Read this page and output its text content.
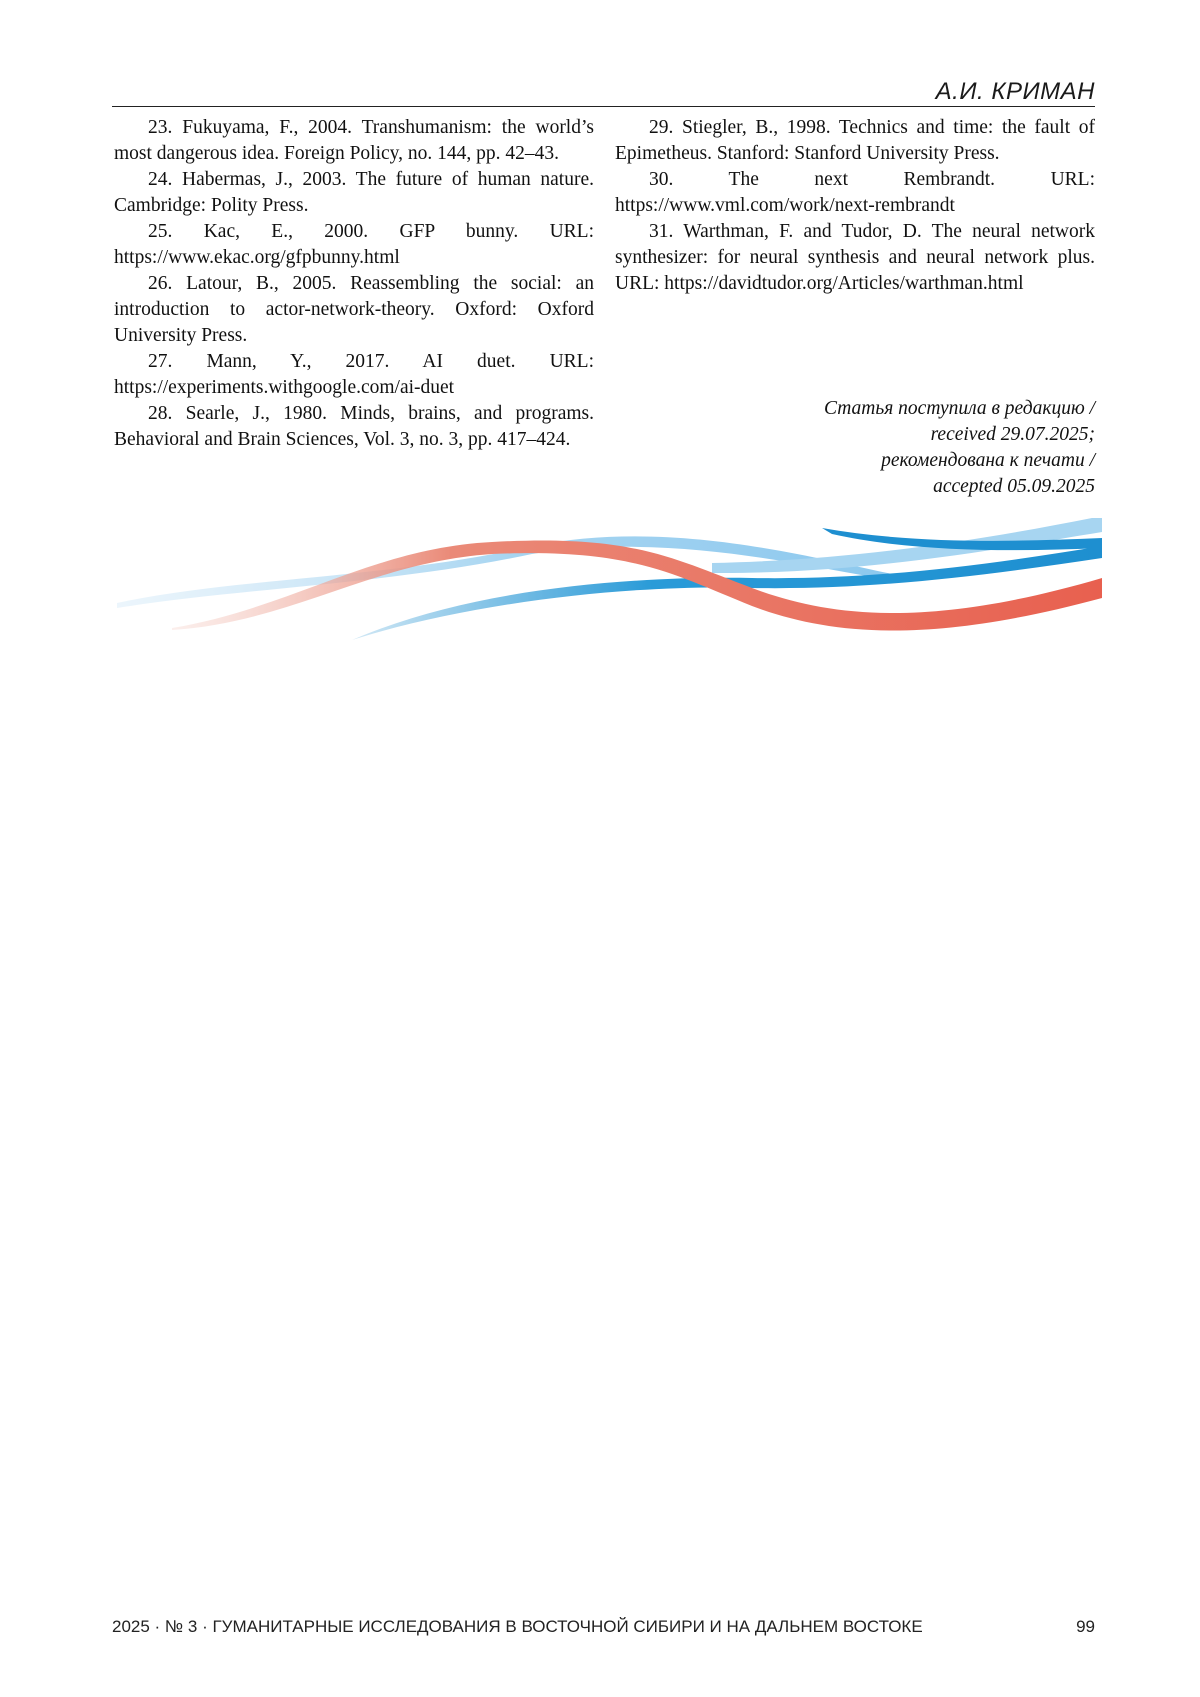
А.И. КРИМАН

23. Fukuyama, F., 2004. Transhumanism: the world’s most dangerous idea. Foreign Policy, no. 144, pp. 42–43.

24. Habermas, J., 2003. The future of human nature. Cambridge: Polity Press.

25. Kac, E., 2000. GFP bunny. URL: https://www.ekac.org/gfpbunny.html

26. Latour, B., 2005. Reassembling the social: an introduction to actor-network-theory. Oxford: Oxford University Press.

27. Mann, Y., 2017. AI duet. URL: https://experiments.withgoogle.com/ai-duet

28. Searle, J., 1980. Minds, brains, and programs. Behavioral and Brain Sciences, Vol. 3, no. 3, pp. 417–424.

29. Stiegler, B., 1998. Technics and time: the fault of Epimetheus. Stanford: Stanford University Press.

30. The next Rembrandt. URL: https://www.vml.com/work/next-rembrandt

31. Warthman, F. and Tudor, D. The neural network synthesizer: for neural synthesis and neural network plus. URL: https://davidtudor.org/Articles/warthman.html

Статья поступила в редакцию /
received 29.07.2025;
рекомендована к печати /
accepted 05.09.2025
2025 · № 3 · ГУМАНИТАРНЫЕ ИССЛЕДОВАНИЯ В ВОСТОЧНОЙ СИБИРИ И НА ДАЛЬНЕМ ВОСТОКЕ	99
